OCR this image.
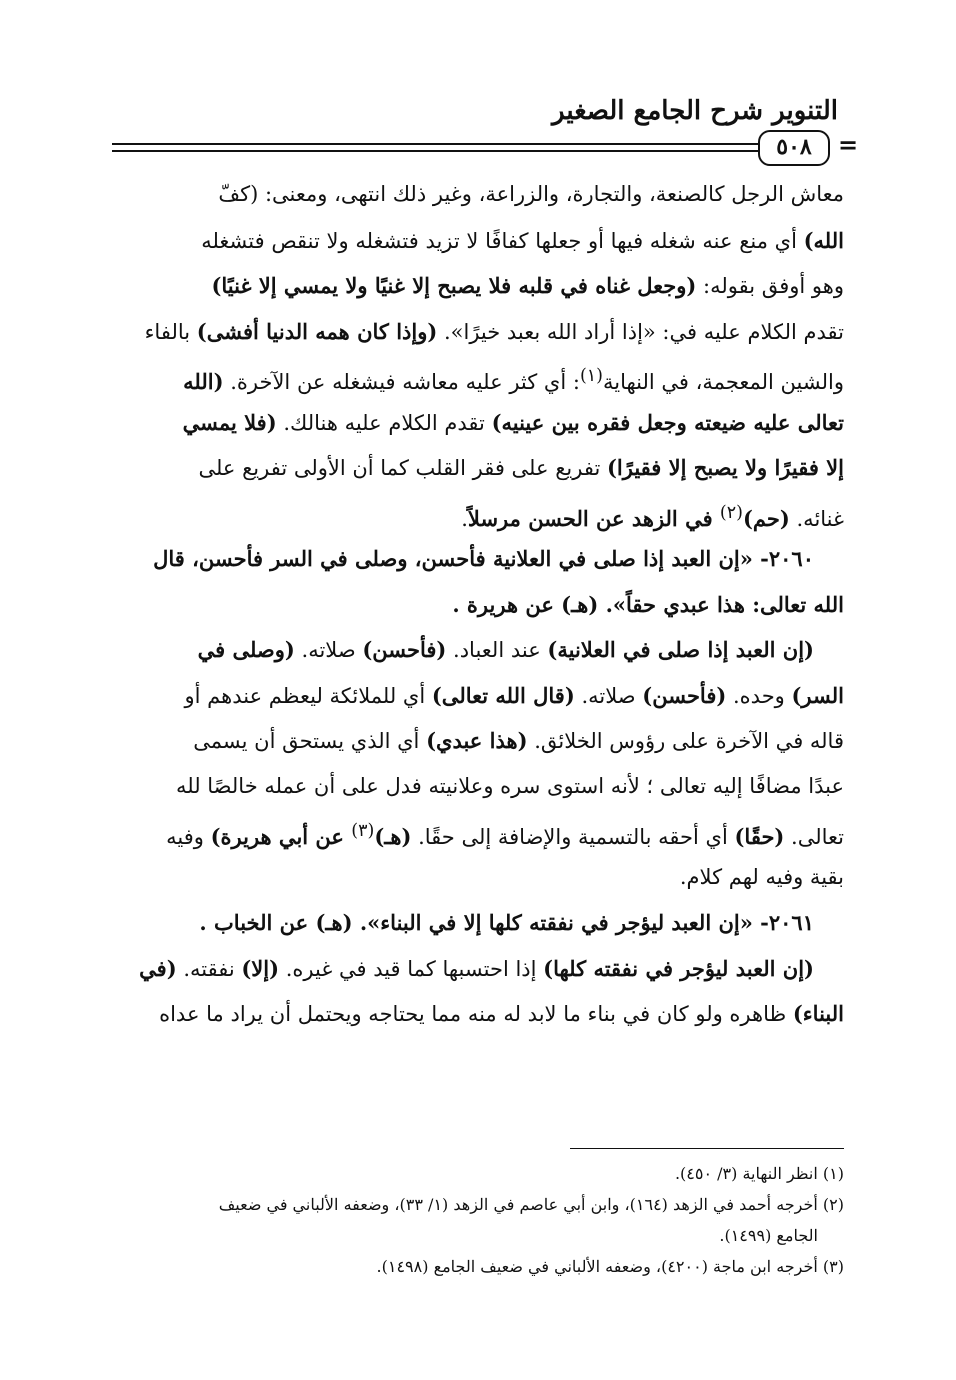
التنوير شرح الجامع الصغير
٥٠٨	=
معاش الرجل كالصنعة، والتجارة، والزراعة، وغير ذلك انتهى، ومعنى: (كفّ
الله) أي منع عنه شغله فيها أو جعلها كفافًا لا تزيد فتشغله ولا تنقص فتشغله
وهو أوفق بقوله: (وجعل غناه في قلبه فلا يصبح إلا غنيًا ولا يمسي إلا غنيًا)
تقدم الكلام عليه في: «إذا أراد الله بعبد خيرًا». (وإذا كان همه الدنيا أفشى) بالفاء
والشين المعجمة، في النهاية$^{(١)}$: أي كثر عليه معاشه فيشغله عن الآخرة. (الله
تعالى عليه ضيعته وجعل فقره بين عينيه) تقدم الكلام عليه هنالك. (فلا يمسي
إلا فقيرًا ولا يصبح إلا فقيرًا) تفريع على فقر القلب كما أن الأولى تفريع على
غنائه. (حم)$^{(٢)}$ في الزهد عن الحسن مرسلاً.
٢٠٦٠- «إن العبد إذا صلى في العلانية فأحسن، وصلى في السر فأحسن، قال
الله تعالى: هذا عبدي حقاً». (هـ) عن هريرة .
(إن العبد إذا صلى في العلانية) عند العباد. (فأحسن) صلاته. (وصلى في
السر) وحده. (فأحسن) صلاته. (قال الله تعالى) أي للملائكة ليعظم عندهم أو
قاله في الآخرة على رؤوس الخلائق. (هذا عبدي) أي الذي يستحق أن يسمى
عبدًا مضافًا إليه تعالى ؛ لأنه استوى سره وعلانيته فدل على أن عمله خالصًا لله
تعالى. (حقًا) أي أحقه بالتسمية والإضافة إلى حقًا. (هـ)$^{(٣)}$ عن أبي هريرة) وفيه
بقية وفيه لهم كلام.
٢٠٦١- «إن العبد ليؤجر في نفقته كلها إلا في البناء». (هـ) عن الخباب .
(إن العبد ليؤجر في نفقته كلها) إذا احتسبها كما قيد في غيره. (إلا) نفقته. (في
البناء) ظاهره ولو كان في بناء ما لابد له منه مما يحتاجه ويحتمل أن يراد ما عداه
(١) انظر النهاية (٣/ ٤٥٠).
(٢) أخرجه أحمد في الزهد (١٦٤)، وابن أبي عاصم في الزهد (١/ ٣٣)، وضعفه الألباني في ضعيف
الجامع (١٤٩٩).
(٣) أخرجه ابن ماجة (٤٢٠٠)، وضعفه الألباني في ضعيف الجامع (١٤٩٨).
